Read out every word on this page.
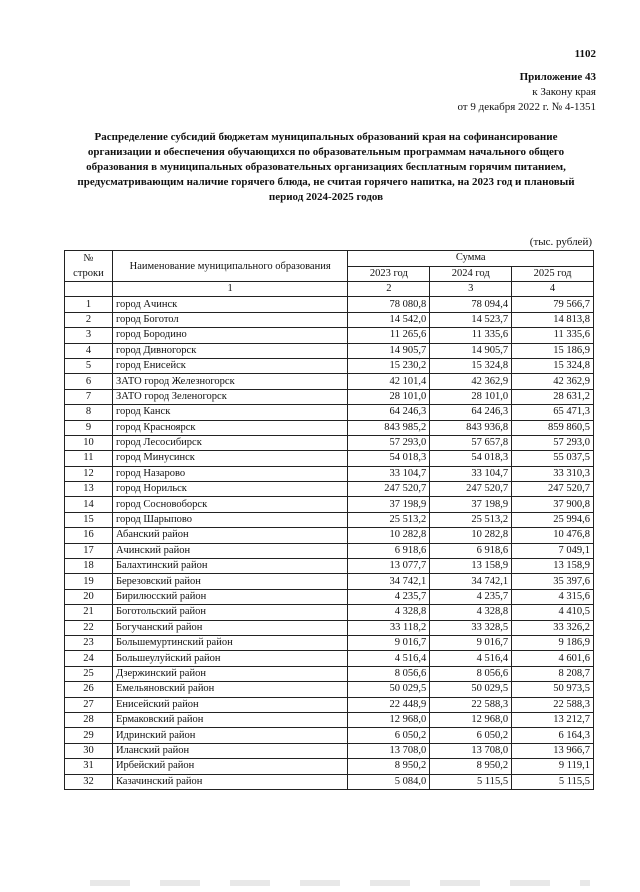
1102
Приложение 43
к Закону края
от 9 декабря 2022 г. № 4-1351
Распределение субсидий бюджетам муниципальных образований края на софинансирование организации и обеспечения обучающихся по образовательным программам начального общего образования в муниципальных образовательных организациях бесплатным горячим питанием, предусматривающим наличие горячего блюда, не считая горячего напитка, на 2023 год и плановый период 2024-2025 годов
(тыс. рублей)
№ строки	Наименование муниципального образования	Сумма		
		2023 год	2024 год	2025 год
	1	2	3	4
1	город Ачинск	78 080,8	78 094,4	79 566,7
2	город Боготол	14 542,0	14 523,7	14 813,8
3	город Бородино	11 265,6	11 335,6	11 335,6
4	город Дивногорск	14 905,7	14 905,7	15 186,9
5	город Енисейск	15 230,2	15 324,8	15 324,8
6	ЗАТО город Железногорск	42 101,4	42 362,9	42 362,9
7	ЗАТО город Зеленогорск	28 101,0	28 101,0	28 631,2
8	город Канск	64 246,3	64 246,3	65 471,3
9	город Красноярск	843 985,2	843 936,8	859 860,5
10	город Лесосибирск	57 293,0	57 657,8	57 293,0
11	город Минусинск	54 018,3	54 018,3	55 037,5
12	город Назарово	33 104,7	33 104,7	33 310,3
13	город Норильск	247 520,7	247 520,7	247 520,7
14	город Сосновоборск	37 198,9	37 198,9	37 900,8
15	город Шарыпово	25 513,2	25 513,2	25 994,6
16	Абанский район	10 282,8	10 282,8	10 476,8
17	Ачинский район	6 918,6	6 918,6	7 049,1
18	Балахтинский район	13 077,7	13 158,9	13 158,9
19	Березовский район	34 742,1	34 742,1	35 397,6
20	Бирилюсский район	4 235,7	4 235,7	4 315,6
21	Боготольский район	4 328,8	4 328,8	4 410,5
22	Богучанский район	33 118,2	33 328,5	33 326,2
23	Большемуртинский район	9 016,7	9 016,7	9 186,9
24	Большеулуйский район	4 516,4	4 516,4	4 601,6
25	Дзержинский район	8 056,6	8 056,6	8 208,7
26	Емельяновский район	50 029,5	50 029,5	50 973,5
27	Енисейский район	22 448,9	22 588,3	22 588,3
28	Ермаковский район	12 968,0	12 968,0	13 212,7
29	Идринский район	6 050,2	6 050,2	6 164,3
30	Иланский район	13 708,0	13 708,0	13 966,7
31	Ирбейский район	8 950,2	8 950,2	9 119,1
32	Казачинский район	5 084,0	5 115,5	5 115,5
